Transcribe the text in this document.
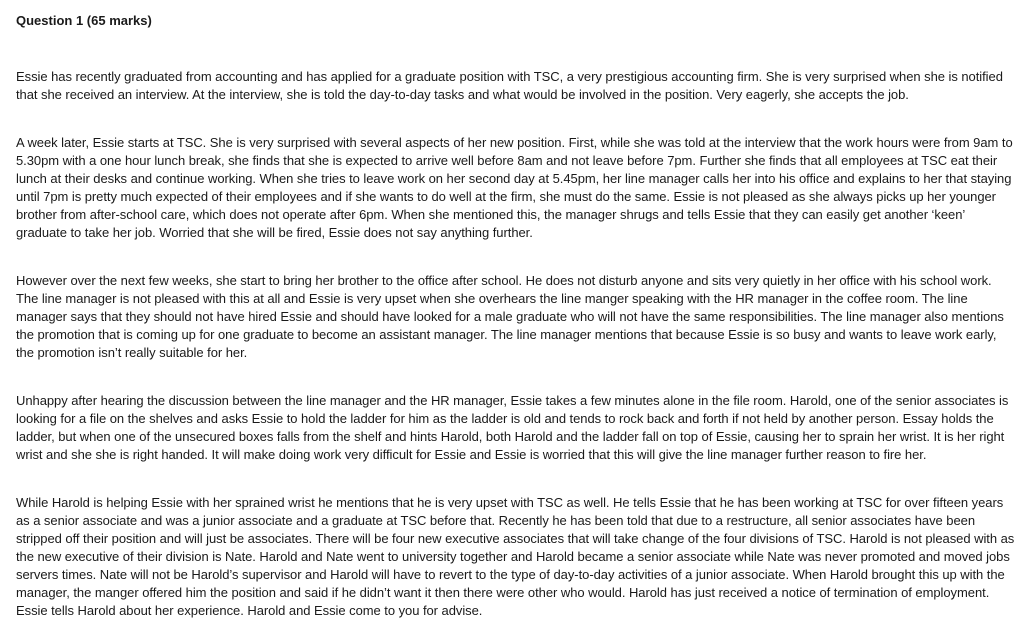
Question 1 (65 marks)

Essie has recently graduated from accounting and has applied for a graduate position with TSC, a very prestigious accounting firm. She is very surprised when she is notified that she received an interview. At the interview, she is told the day-to-day tasks and what would be involved in the position. Very eagerly, she accepts the job.

A week later, Essie starts at TSC. She is very surprised with several aspects of her new position. First, while she was told at the interview that the work hours were from 9am to 5.30pm with a one hour lunch break, she finds that she is expected to arrive well before 8am and not leave before 7pm. Further she finds that all employees at TSC eat their lunch at their desks and continue working. When she tries to leave work on her second day at 5.45pm, her line manager calls her into his office and explains to her that staying until 7pm is pretty much expected of their employees and if she wants to do well at the firm, she must do the same. Essie is not pleased as she always picks up her younger brother from after-school care, which does not operate after 6pm. When she mentioned this, the manager shrugs and tells Essie that they can easily get another ‘keen’ graduate to take her job. Worried that she will be fired, Essie does not say anything further.

However over the next few weeks, she start to bring her brother to the office after school. He does not disturb anyone and sits very quietly in her office with his school work. The line manager is not pleased with this at all and Essie is very upset when she overhears the line manger speaking with the HR manager in the coffee room. The line manager says that they should not have hired Essie and should have looked for a male graduate who will not have the same responsibilities. The line manager also mentions the promotion that is coming up for one graduate to become an assistant manager. The line manager mentions that because Essie is so busy and wants to leave work early, the promotion isn’t really suitable for her.

Unhappy after hearing the discussion between the line manager and the HR manager, Essie takes a few minutes alone in the file room. Harold, one of the senior associates is looking for a file on the shelves and asks Essie to hold the ladder for him as the ladder is old and tends to rock back and forth if not held by another person. Essay holds the ladder, but when one of the unsecured boxes falls from the shelf and hints Harold, both Harold and the ladder fall on top of Essie, causing her to sprain her wrist. It is her right wrist and she she is right handed. It will make doing work very difficult for Essie and Essie is worried that this will give the line manager further reason to fire her.

While Harold is helping Essie with her sprained wrist he mentions that he is very upset with TSC as well. He tells Essie that he has been working at TSC for over fifteen years as a senior associate and was a junior associate and a graduate at TSC before that. Recently he has been told that due to a restructure, all senior associates have been stripped off their position and will just be associates. There will be four new executive associates that will take change of the four divisions of TSC. Harold is not pleased with as the new executive of their division is Nate. Harold and Nate went to university together and Harold became a senior associate while Nate was never promoted and moved jobs servers times. Nate will not be Harold’s supervisor and Harold will have to revert to the type of day-to-day activities of a junior associate. When Harold brought this up with the manager, the manger offered him the position and said if he didn’t want it then there were other who would. Harold has just received a notice of termination of employment. Essie tells Harold about her experience. Harold and Essie come to you for advise.
